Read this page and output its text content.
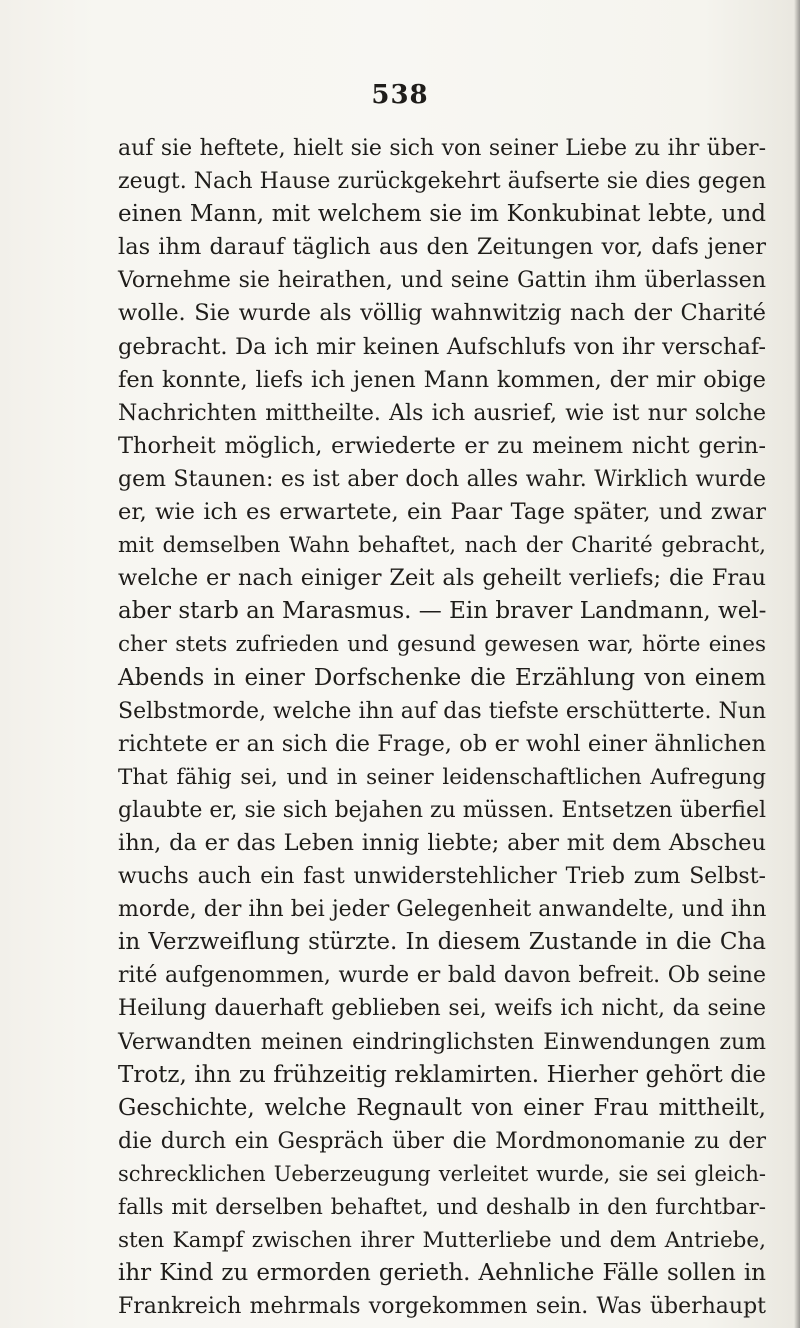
538
auf sie heftete, hielt sie sich von seiner Liebe zu ihr über-
zeugt. Nach Hause zurückgekehrt äufserte sie dies gegen
einen Mann, mit welchem sie im Konkubinat lebte, und
las ihm darauf täglich aus den Zeitungen vor, dafs jener
Vornehme sie heirathen, und seine Gattin ihm überlassen
wolle. Sie wurde als völlig wahnwitzig nach der Charité
gebracht. Da ich mir keinen Aufschlufs von ihr verschaf-
fen konnte, liefs ich jenen Mann kommen, der mir obige
Nachrichten mittheilte. Als ich ausrief, wie ist nur solche
Thorheit möglich, erwiederte er zu meinem nicht gerin-
gem Staunen: es ist aber doch alles wahr. Wirklich wurde
er, wie ich es erwartete, ein Paar Tage später, und zwar
mit demselben Wahn behaftet, nach der Charité gebracht,
welche er nach einiger Zeit als geheilt verliefs; die Frau
aber starb an Marasmus. — Ein braver Landmann, wel-
cher stets zufrieden und gesund gewesen war, hörte eines
Abends in einer Dorfschenke die Erzählung von einem
Selbstmorde, welche ihn auf das tiefste erschütterte. Nun
richtete er an sich die Frage, ob er wohl einer ähnlichen
That fähig sei, und in seiner leidenschaftlichen Aufregung
glaubte er, sie sich bejahen zu müssen. Entsetzen überfiel
ihn, da er das Leben innig liebte; aber mit dem Abscheu
wuchs auch ein fast unwiderstehlicher Trieb zum Selbst-
morde, der ihn bei jeder Gelegenheit anwandelte, und ihn
in Verzweiflung stürzte. In diesem Zustande in die Cha
rité aufgenommen, wurde er bald davon befreit. Ob seine
Heilung dauerhaft geblieben sei, weifs ich nicht, da seine
Verwandten meinen eindringlichsten Einwendungen zum
Trotz, ihn zu frühzeitig reklamirten. Hierher gehört die
Geschichte, welche Regnault von einer Frau mittheilt,
die durch ein Gespräch über die Mordmonomanie zu der
schrecklichen Ueberzeugung verleitet wurde, sie sei gleich-
falls mit derselben behaftet, und deshalb in den furchtbar-
sten Kampf zwischen ihrer Mutterliebe und dem Antriebe,
ihr Kind zu ermorden gerieth. Aehnliche Fälle sollen in
Frankreich mehrmals vorgekommen sein. Was überhaupt
